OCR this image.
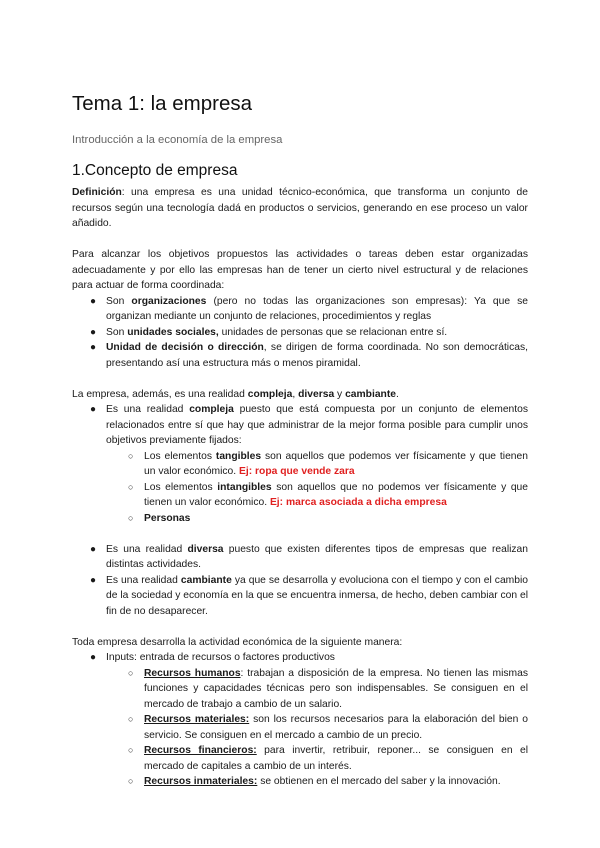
Tema 1: la empresa
Introducción a la economía de la empresa
1.Concepto de empresa

Definición: una empresa es una unidad técnico-económica, que transforma un conjunto de recursos según una tecnología dadá en productos o servicios, generando en ese proceso un valor añadido.

Para alcanzar los objetivos propuestos las actividades o tareas deben estar organizadas adecuadamente y por ello las empresas han de tener un cierto nivel estructural y de relaciones para actuar de forma coordinada:

● Son organizaciones (pero no todas las organizaciones son empresas): Ya que se organizan mediante un conjunto de relaciones, procedimientos y reglas
● Son unidades sociales, unidades de personas que se relacionan entre sí.
● Unidad de decisión o dirección, se dirigen de forma coordinada. No son democráticas, presentando así una estructura más o menos piramidal.

La empresa, además, es una realidad compleja, diversa y cambiante.

● Es una realidad compleja puesto que está compuesta por un conjunto de elementos relacionados entre sí que hay que administrar de la mejor forma posible para cumplir unos objetivos previamente fijados:
○ Los elementos tangibles son aquellos que podemos ver físicamente y que tienen un valor económico. Ej: ropa que vende zara
○ Los elementos intangibles son aquellos que no podemos ver físicamente y que tienen un valor económico. Ej: marca asociada a dicha empresa
○ Personas
● Es una realidad diversa puesto que existen diferentes tipos de empresas que realizan distintas actividades.
● Es una realidad cambiante ya que se desarrolla y evoluciona con el tiempo y con el cambio de la sociedad y economía en la que se encuentra inmersa, de hecho, deben cambiar con el fin de no desaparecer.

Toda empresa desarrolla la actividad económica de la siguiente manera:

● Inputs: entrada de recursos o factores productivos
○ Recursos humanos: trabajan a disposición de la empresa. No tienen las mismas funciones y capacidades técnicas pero son indispensables. Se consiguen en el mercado de trabajo a cambio de un salario.
○ Recursos materiales: son los recursos necesarios para la elaboración del bien o servicio. Se consiguen en el mercado a cambio de un precio.
○ Recursos financieros: para invertir, retribuir, reponer... se consiguen en el mercado de capitales a cambio de un interés.
○ Recursos inmateriales: se obtienen en el mercado del saber y la innovación.
